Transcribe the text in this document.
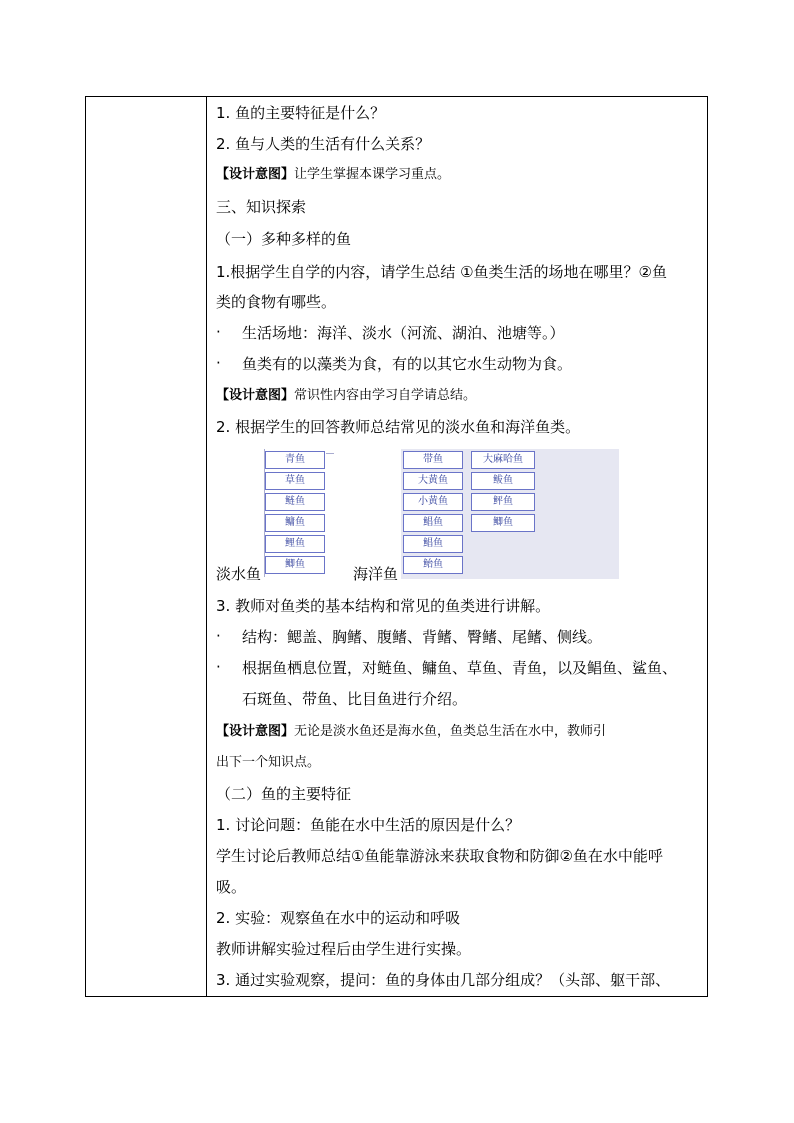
1. 鱼的主要特征是什么？
2. 鱼与人类的生活有什么关系？
【设计意图】让学生掌握本课学习重点。
三、知识探索
（一）多种多样的鱼
1.根据学生自学的内容，请学生总结 ①鱼类生活的场地在哪里？②鱼
类的食物有哪些。
· 生活场地：海洋、淡水（河流、湖泊、池塘等。）
· 鱼类有的以藻类为食，有的以其它水生动物为食。
【设计意图】常识性内容由学习自学请总结。
2. 根据学生的回答教师总结常见的淡水鱼和海洋鱼类。
淡水鱼
青鱼
草鱼
鲢鱼
鳙鱼
鲤鱼
鲫鱼
海洋鱼
带鱼
大黄鱼
小黄鱼
鲳鱼
鲳鱼
鲐鱼
大麻哈鱼
鲅鱼
鲆鱼
鲫鱼
3. 教师对鱼类的基本结构和常见的鱼类进行讲解。
· 结构：鳃盖、胸鳍、腹鳍、背鳍、臀鳍、尾鳍、侧线。
· 根据鱼栖息位置，对鲢鱼、鳙鱼、草鱼、青鱼，以及鲳鱼、鲨鱼、
石斑鱼、带鱼、比目鱼进行介绍。
【设计意图】无论是淡水鱼还是海水鱼，鱼类总生活在水中，教师引
出下一个知识点。
（二）鱼的主要特征
1. 讨论问题：鱼能在水中生活的原因是什么？
学生讨论后教师总结①鱼能靠游泳来获取食物和防御②鱼在水中能呼
吸。
2. 实验：观察鱼在水中的运动和呼吸
教师讲解实验过程后由学生进行实操。
3. 通过实验观察，提问：鱼的身体由几部分组成？（头部、躯干部、
